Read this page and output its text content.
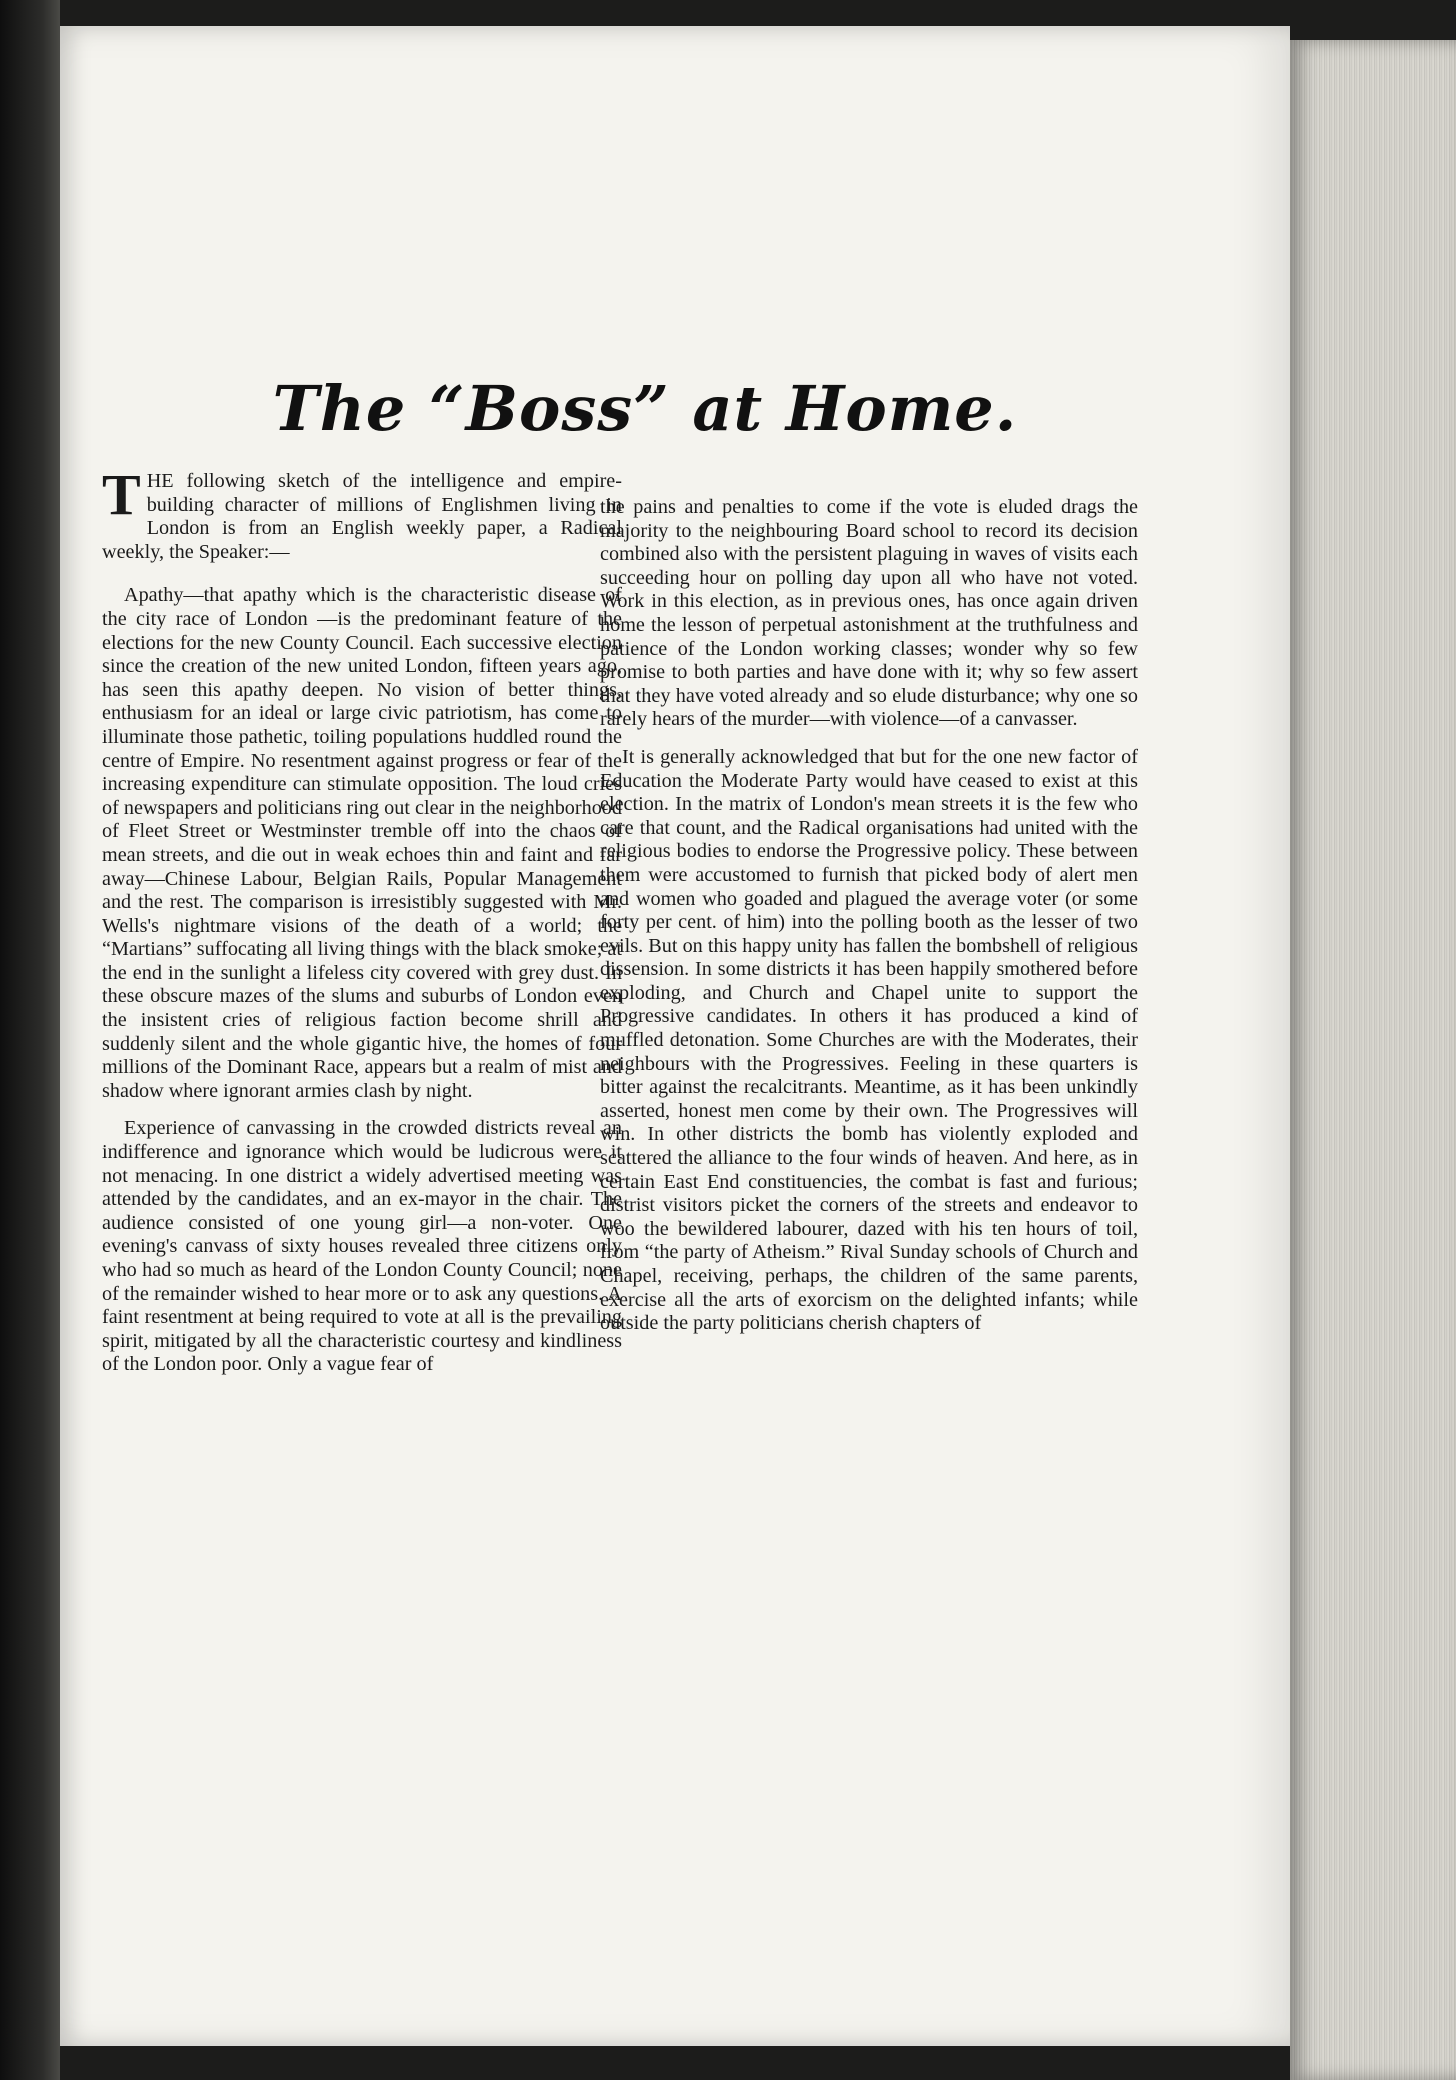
The “Boss” at Home.

THE following sketch of the intelligence and empire-building character of millions of Englishmen living in London is from an English weekly paper, a Radical weekly, the Speaker:—

Apathy—that apathy which is the characteristic disease of the city race of London —is the predominant feature of the elections for the new County Council. Each successive election since the creation of the new united London, fifteen years ago, has seen this apathy deepen. No vision of better things, enthusiasm for an ideal or large civic patriotism, has come to illuminate those pathetic, toiling populations huddled round the centre of Empire. No resentment against progress or fear of the increasing expenditure can stimulate opposition. The loud cries of newspapers and politicians ring out clear in the neighborhood of Fleet Street or Westminster tremble off into the chaos of mean streets, and die out in weak echoes thin and faint and far away—Chinese Labour, Belgian Rails, Popular Management and the rest. The comparison is irresistibly suggested with Mr. Wells's nightmare visions of the death of a world; the “Martians” suffocating all living things with the black smoke; at the end in the sunlight a lifeless city covered with grey dust. In these obscure mazes of the slums and suburbs of London even the insistent cries of religious faction become shrill and suddenly silent and the whole gigantic hive, the homes of four millions of the Dominant Race, appears but a realm of mist and shadow where ignorant armies clash by night.

Experience of canvassing in the crowded districts reveal an indifference and ignorance which would be ludicrous were it not menacing. In one district a widely advertised meeting was attended by the candidates, and an ex-mayor in the chair. The audience consisted of one young girl—a non-voter. One evening's canvass of sixty houses revealed three citizens only who had so much as heard of the London County Council; none of the remainder wished to hear more or to ask any questions. A faint resentment at being required to vote at all is the prevailing spirit, mitigated by all the characteristic courtesy and kindliness of the London poor. Only a vague fear of

the pains and penalties to come if the vote is eluded drags the majority to the neighbouring Board school to record its decision combined also with the persistent plaguing in waves of visits each succeeding hour on polling day upon all who have not voted. Work in this election, as in previous ones, has once again driven home the lesson of perpetual astonishment at the truthfulness and patience of the London working classes; wonder why so few promise to both parties and have done with it; why so few assert that they have voted already and so elude disturbance; why one so rarely hears of the murder—with violence—of a canvasser.

It is generally acknowledged that but for the one new factor of Education the Moderate Party would have ceased to exist at this election. In the matrix of London's mean streets it is the few who care that count, and the Radical organisations had united with the religious bodies to endorse the Progressive policy. These between them were accustomed to furnish that picked body of alert men and women who goaded and plagued the average voter (or some forty per cent. of him) into the polling booth as the lesser of two evils. But on this happy unity has fallen the bombshell of religious dissension. In some districts it has been happily smothered before exploding, and Church and Chapel unite to support the Progressive candidates. In others it has produced a kind of muffled detonation. Some Churches are with the Moderates, their neighbours with the Progressives. Feeling in these quarters is bitter against the recalcitrants. Meantime, as it has been unkindly asserted, honest men come by their own. The Progressives will win. In other districts the bomb has violently exploded and scattered the alliance to the four winds of heaven. And here, as in certain East End constituencies, the combat is fast and furious; distrist visitors picket the corners of the streets and endeavor to woo the bewildered labourer, dazed with his ten hours of toil, from “the party of Atheism.” Rival Sunday schools of Church and Chapel, receiving, perhaps, the children of the same parents, exercise all the arts of exorcism on the delighted infants; while outside the party politicians cherish chapters of
